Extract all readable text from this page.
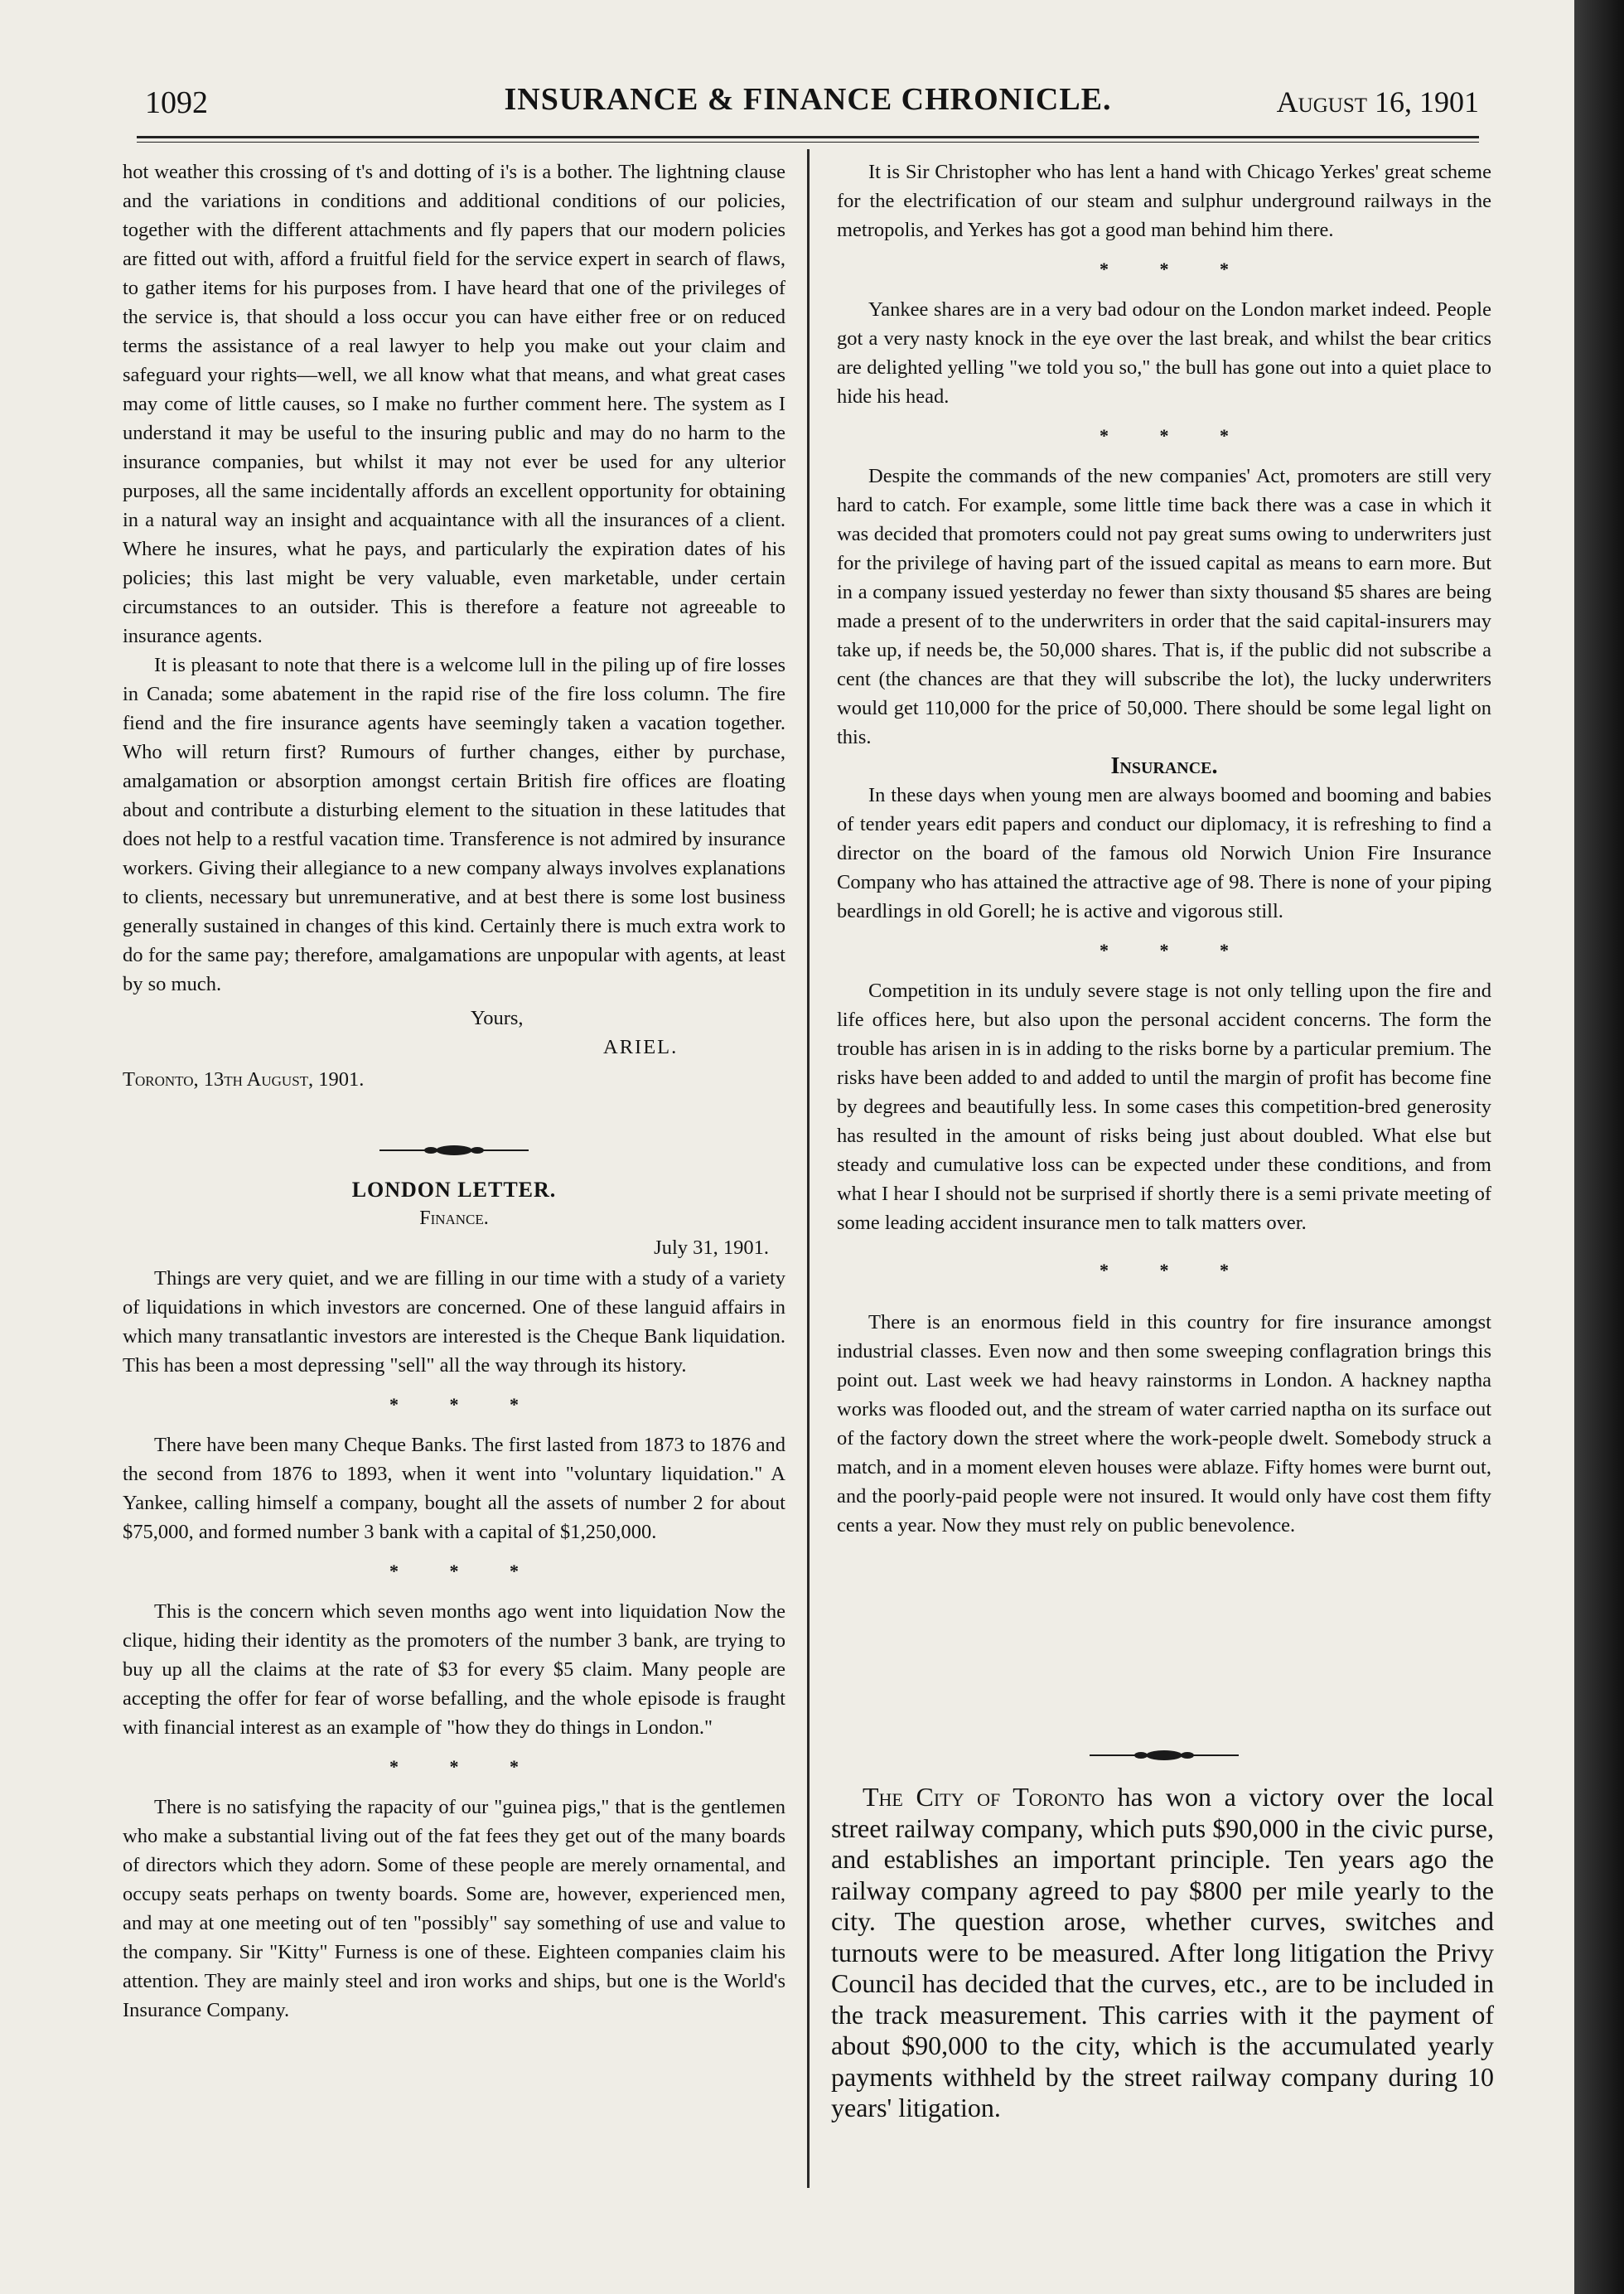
1092	INSURANCE & FINANCE CHRONICLE.	August 16, 1901

hot weather this crossing of t's and dotting of i's is a bother. The lightning clause and the variations in conditions and additional conditions of our policies, together with the different attachments and fly papers that our modern policies are fitted out with, afford a fruitful field for the service expert in search of flaws, to gather items for his purposes from. I have heard that one of the privileges of the service is, that should a loss occur you can have either free or on reduced terms the assistance of a real lawyer to help you make out your claim and safeguard your rights—well, we all know what that means, and what great cases may come of little causes, so I make no further comment here. The system as I understand it may be useful to the insuring public and may do no harm to the insurance companies, but whilst it may not ever be used for any ulterior purposes, all the same incidentally affords an excellent opportunity for obtaining in a natural way an insight and acquaintance with all the insurances of a client. Where he insures, what he pays, and particularly the expiration dates of his policies; this last might be very valuable, even marketable, under certain circumstances to an outsider. This is therefore a feature not agreeable to insurance agents.

It is pleasant to note that there is a welcome lull in the piling up of fire losses in Canada; some abatement in the rapid rise of the fire loss column. The fire fiend and the fire insurance agents have seemingly taken a vacation together. Who will return first? Rumours of further changes, either by purchase, amalgamation or absorption amongst certain British fire offices are floating about and contribute a disturbing element to the situation in these latitudes that does not help to a restful vacation time. Transference is not admired by insurance workers. Giving their allegiance to a new company always involves explanations to clients, necessary but unremunerative, and at best there is some lost business generally sustained in changes of this kind. Certainly there is much extra work to do for the same pay; therefore, amalgamations are unpopular with agents, at least by so much.

Yours,

ARIEL.

Toronto, 13th August, 1901.

LONDON LETTER.

Finance.

July 31, 1901.

Things are very quiet, and we are filling in our time with a study of a variety of liquidations in which investors are concerned. One of these languid affairs in which many transatlantic investors are interested is the Cheque Bank liquidation. This has been a most depressing "sell" all the way through its history.

* * *

There have been many Cheque Banks. The first lasted from 1873 to 1876 and the second from 1876 to 1893, when it went into "voluntary liquidation." A Yankee, calling himself a company, bought all the assets of number 2 for about $75,000, and formed number 3 bank with a capital of $1,250,000.

* * *

This is the concern which seven months ago went into liquidation Now the clique, hiding their identity as the promoters of the number 3 bank, are trying to buy up all the claims at the rate of $3 for every $5 claim. Many people are accepting the offer for fear of worse befalling, and the whole episode is fraught with financial interest as an example of "how they do things in London."

* * *

There is no satisfying the rapacity of our "guinea pigs," that is the gentlemen who make a substantial living out of the fat fees they get out of the many boards of directors which they adorn. Some of these people are merely ornamental, and occupy seats perhaps on twenty boards. Some are, however, experienced men, and may at one meeting out of ten "possibly" say something of use and value to the company. Sir "Kitty" Furness is one of these. Eighteen companies claim his attention. They are mainly steel and iron works and ships, but one is the World's Insurance Company.

It is Sir Christopher who has lent a hand with Chicago Yerkes' great scheme for the electrification of our steam and sulphur underground railways in the metropolis, and Yerkes has got a good man behind him there.

* * *

Yankee shares are in a very bad odour on the London market indeed. People got a very nasty knock in the eye over the last break, and whilst the bear critics are delighted yelling "we told you so," the bull has gone out into a quiet place to hide his head.

* * *

Despite the commands of the new companies' Act, promoters are still very hard to catch. For example, some little time back there was a case in which it was decided that promoters could not pay great sums owing to underwriters just for the privilege of having part of the issued capital as means to earn more. But in a company issued yesterday no fewer than sixty thousand $5 shares are being made a present of to the underwriters in order that the said capital-insurers may take up, if needs be, the 50,000 shares. That is, if the public did not subscribe a cent (the chances are that they will subscribe the lot), the lucky underwriters would get 110,000 for the price of 50,000. There should be some legal light on this.

Insurance.

In these days when young men are always boomed and booming and babies of tender years edit papers and conduct our diplomacy, it is refreshing to find a director on the board of the famous old Norwich Union Fire Insurance Company who has attained the attractive age of 98. There is none of your piping beardlings in old Gorell; he is active and vigorous still.

* * *

Competition in its unduly severe stage is not only telling upon the fire and life offices here, but also upon the personal accident concerns. The form the trouble has arisen in is in adding to the risks borne by a particular premium. The risks have been added to and added to until the margin of profit has become fine by degrees and beautifully less. In some cases this competition-bred generosity has resulted in the amount of risks being just about doubled. What else but steady and cumulative loss can be expected under these conditions, and from what I hear I should not be surprised if shortly there is a semi private meeting of some leading accident insurance men to talk matters over.

* * *

There is an enormous field in this country for fire insurance amongst industrial classes. Even now and then some sweeping conflagration brings this point out. Last week we had heavy rainstorms in London. A hackney naptha works was flooded out, and the stream of water carried naptha on its surface out of the factory down the street where the work-people dwelt. Somebody struck a match, and in a moment eleven houses were ablaze. Fifty homes were burnt out, and the poorly-paid people were not insured. It would only have cost them fifty cents a year. Now they must rely on public benevolence.

The City of Toronto has won a victory over the local street railway company, which puts $90,000 in the civic purse, and establishes an important principle. Ten years ago the railway company agreed to pay $800 per mile yearly to the city. The question arose, whether curves, switches and turnouts were to be measured. After long litigation the Privy Council has decided that the curves, etc., are to be included in the track measurement. This carries with it the payment of about $90,000 to the city, which is the accumulated yearly payments withheld by the street railway company during 10 years' litigation.
